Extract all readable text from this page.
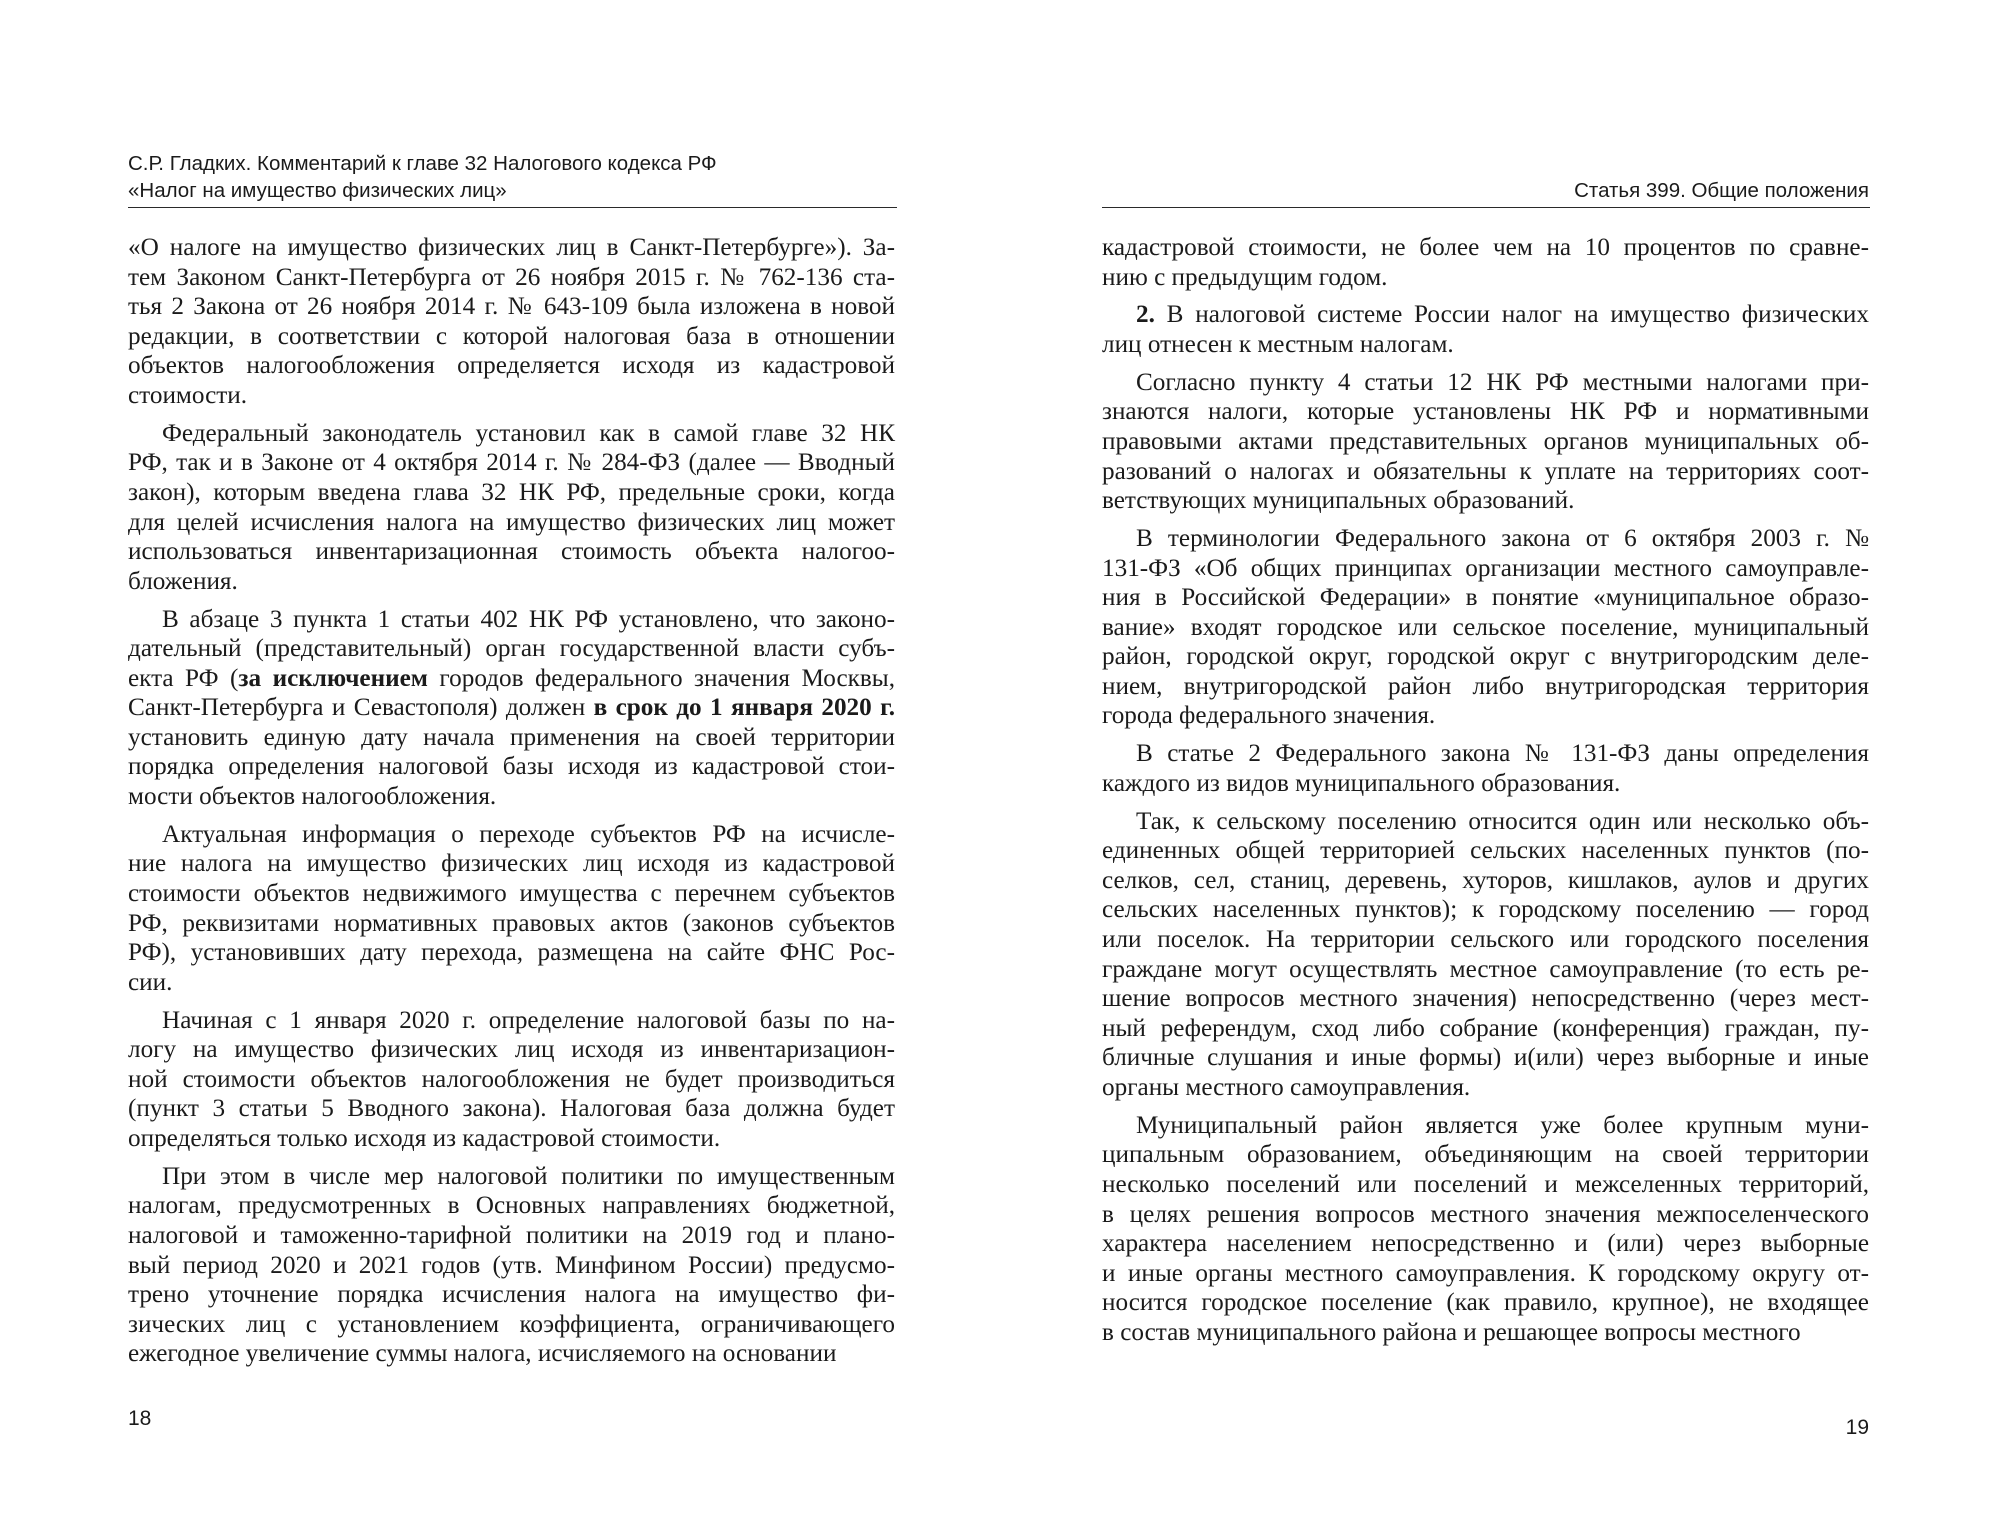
С.Р. Гладких. Комментарий к главе 32 Налогового кодекса РФ
«Налог на имущество физических лиц»
«О налоге на имущество физических лиц в Санкт-Петербурге»). За-
тем Законом Санкт-Петербурга от 26 ноября 2015 г. № 762-136 ста-
тья 2 Закона от 26 ноября 2014 г. № 643-109 была изложена в новой
редакции, в соответствии с которой налоговая база в отношении
объектов налогообложения определяется исходя из кадастровой
стоимости.
Федеральный законодатель установил как в самой главе 32 НК
РФ, так и в Законе от 4 октября 2014 г. № 284-ФЗ (далее — Вводный
закон), которым введена глава 32 НК РФ, предельные сроки, когда
для целей исчисления налога на имущество физических лиц может
использоваться инвентаризационная стоимость объекта налогоо-
бложения.
В абзаце 3 пункта 1 статьи 402 НК РФ установлено, что законо-
дательный (представительный) орган государственной власти субъ-
екта РФ (за исключением городов федерального значения Москвы,
Санкт-Петербурга и Севастополя) должен в срок до 1 января 2020 г.
установить единую дату начала применения на своей территории
порядка определения налоговой базы исходя из кадастровой стои-
мости объектов налогообложения.
Актуальная информация о переходе субъектов РФ на исчисле-
ние налога на имущество физических лиц исходя из кадастровой
стоимости объектов недвижимого имущества с перечнем субъектов
РФ, реквизитами нормативных правовых актов (законов субъектов
РФ), установивших дату перехода, размещена на сайте ФНС Рос-
сии.
Начиная с 1 января 2020 г. определение налоговой базы по на-
логу на имущество физических лиц исходя из инвентаризацион-
ной стоимости объектов налогообложения не будет производиться
(пункт 3 статьи 5 Вводного закона). Налоговая база должна будет
определяться только исходя из кадастровой стоимости.
При этом в числе мер налоговой политики по имущественным
налогам, предусмотренных в Основных направлениях бюджетной,
налоговой и таможенно-тарифной политики на 2019 год и плано-
вый период 2020 и 2021 годов (утв. Минфином России) предусмо-
трено уточнение порядка исчисления налога на имущество фи-
зических лиц с установлением коэффициента, ограничивающего
ежегодное увеличение суммы налога, исчисляемого на основании
18
Статья 399. Общие положения
кадастровой стоимости, не более чем на 10 процентов по сравне-
нию с предыдущим годом.
2. В налоговой системе России налог на имущество физических
лиц отнесен к местным налогам.
Согласно пункту 4 статьи 12 НК РФ местными налогами при-
знаются налоги, которые установлены НК РФ и нормативными
правовыми актами представительных органов муниципальных об-
разований о налогах и обязательны к уплате на территориях соот-
ветствующих муниципальных образований.
В терминологии Федерального закона от 6 октября 2003 г. №
131-ФЗ «Об общих принципах организации местного самоуправле-
ния в Российской Федерации» в понятие «муниципальное образо-
вание» входят городское или сельское поселение, муниципальный
район, городской округ, городской округ с внутригородским деле-
нием, внутригородской район либо внутригородская территория
города федерального значения.
В статье 2 Федерального закона № 131-ФЗ даны определения
каждого из видов муниципального образования.
Так, к сельскому поселению относится один или несколько объ-
единенных общей территорией сельских населенных пунктов (по-
селков, сел, станиц, деревень, хуторов, кишлаков, аулов и других
сельских населенных пунктов); к городскому поселению — город
или поселок. На территории сельского или городского поселения
граждане могут осуществлять местное самоуправление (то есть ре-
шение вопросов местного значения) непосредственно (через мест-
ный референдум, сход либо собрание (конференция) граждан, пу-
бличные слушания и иные формы) и(или) через выборные и иные
органы местного самоуправления.
Муниципальный район является уже более крупным муни-
ципальным образованием, объединяющим на своей территории
несколько поселений или поселений и межселенных территорий,
в целях решения вопросов местного значения межпоселенческого
характера населением непосредственно и (или) через выборные
и иные органы местного самоуправления. К городскому округу от-
носится городское поселение (как правило, крупное), не входящее
в состав муниципального района и решающее вопросы местного
19
